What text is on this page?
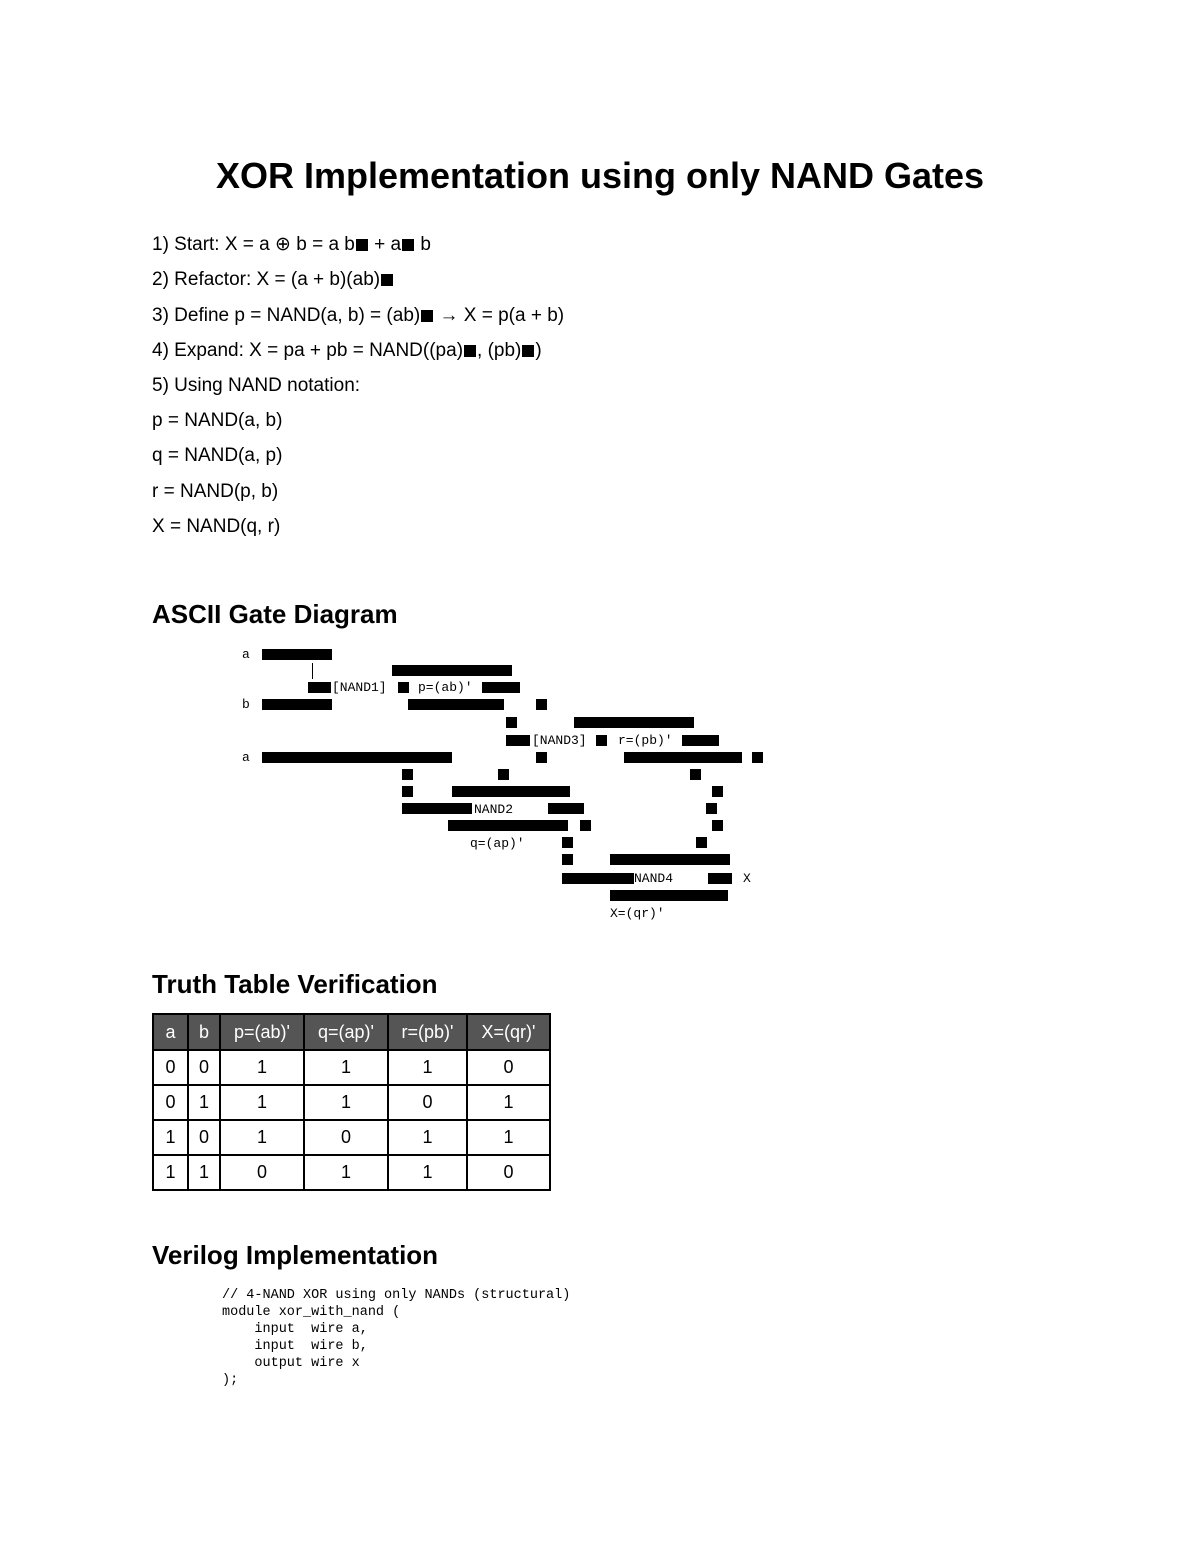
XOR Implementation using only NAND Gates

1) Start: X = a ⊕ b = a b + a b

2) Refactor: X = (a + b)(ab)

3) Define p = NAND(a, b) = (ab) → X = p(a + b)

4) Expand: X = pa + pb = NAND((pa) , (pb) )

5) Using NAND notation:

p = NAND(a, b)

q = NAND(a, p)

r = NAND(p, b)

X = NAND(q, r)

ASCII Gate Diagram
a
b
a
[NAND1] p=(ab)'
[NAND3] r=(pb)'
NAND2
q=(ap)'
NAND4	X
X=(qr)'
Truth Table Verification
a	b	p=(ab)'	q=(ap)'	r=(pb)'	X=(qr)'
0	0	1	1	1	0
0	1	1	1	0	1
1	0	1	0	1	1
1	1	0	1	1	0
Verilog Implementation
// 4-NAND XOR using only NANDs (structural)
module xor_with_nand (
input  wire a,
input  wire b,
output wire x
);
